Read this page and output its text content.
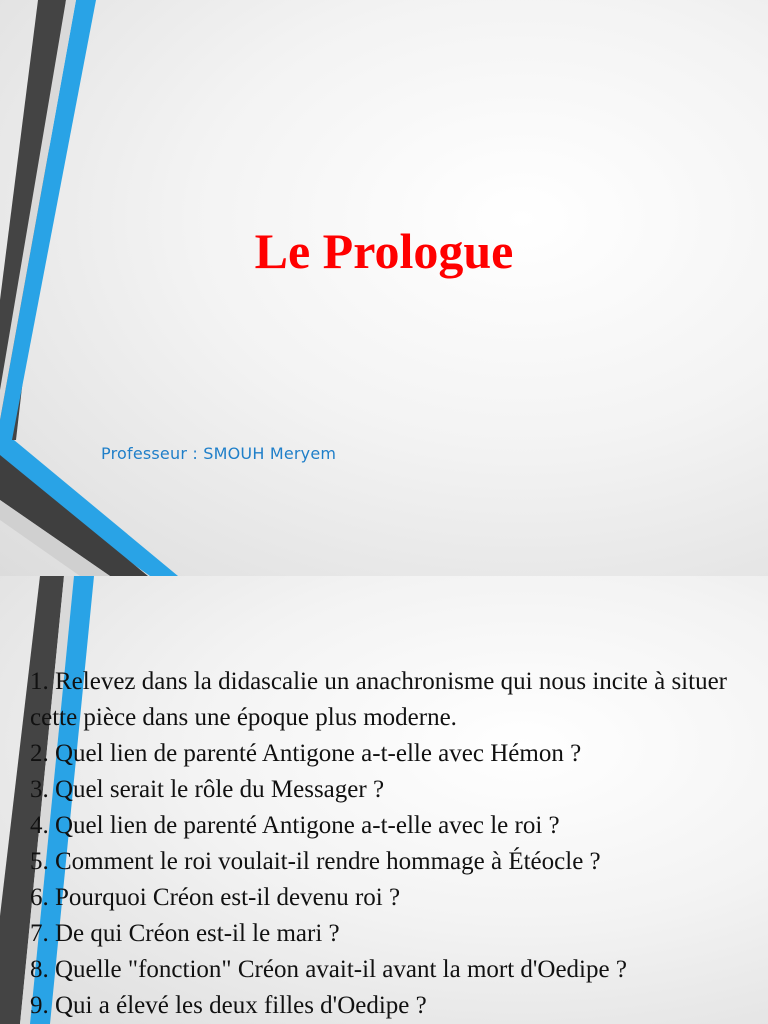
Le Prologue

Professeur : SMOUH Meryem

1. Relevez dans la didascalie un anachronisme qui nous incite à situer cette pièce dans une époque plus moderne.
2. Quel lien de parenté Antigone a-t-elle avec Hémon ?
3. Quel serait le rôle du Messager ?
4. Quel lien de parenté Antigone a-t-elle avec le roi ?
5. Comment le roi voulait-il rendre hommage à Étéocle ?
6. Pourquoi Créon est-il devenu roi ?
7. De qui Créon est-il le mari ?
8. Quelle "fonction" Créon avait-il avant la mort d'Oedipe ?
9. Qui a élevé les deux filles d'Oedipe ?
